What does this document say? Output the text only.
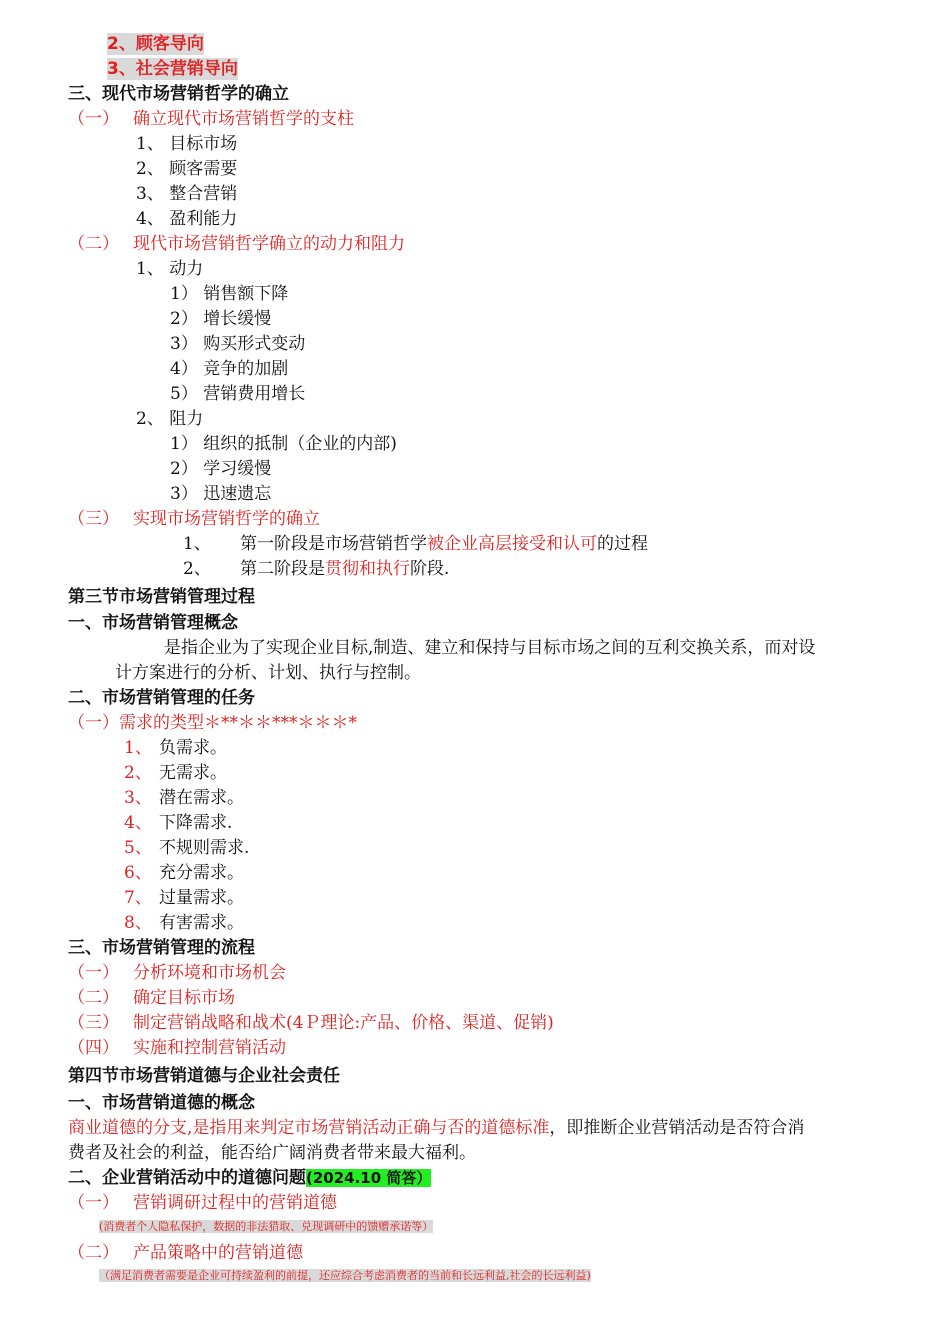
2、顾客导向
3、社会营销导向
三、现代市场营销哲学的确立
（一） 确立现代市场营销哲学的支柱
1、 目标市场
2、 顾客需要
3、 整合营销
4、 盈利能力
（二） 现代市场营销哲学确立的动力和阻力
1、 动力
1） 销售额下降
2） 增长缓慢
3） 购买形式变动
4） 竞争的加剧
5） 营销费用增长
2、 阻力
1） 组织的抵制（企业的内部)
2） 学习缓慢
3） 迅速遗忘
（三） 实现市场营销哲学的确立
1、 第一阶段是市场营销哲学被企业高层接受和认可的过程
2、 第二阶段是贯彻和执行阶段.
第三节市场营销管理过程
一、市场营销管理概念
是指企业为了实现企业目标,制造、建立和保持与目标市场之间的互利交换关系，而对设
计方案进行的分析、计划、执行与控制。
二、市场营销管理的任务
（一）需求的类型＊**＊＊***＊＊＊*
1、 负需求。
2、 无需求。
3、 潜在需求。
4、 下降需求.
5、 不规则需求.
6、 充分需求。
7、 过量需求。
8、 有害需求。
三、市场营销管理的流程
（一） 分析环境和市场机会
（二） 确定目标市场
（三） 制定营销战略和战术(4Ｐ理论:产品、价格、渠道、促销)
（四） 实施和控制营销活动
第四节市场营销道德与企业社会责任
一、市场营销道德的概念
商业道德的分支,是指用来判定市场营销活动正确与否的道德标准，即推断企业营销活动是否符合消
费者及社会的利益，能否给广阔消费者带来最大福利。
二、企业营销活动中的道德问题(2024.10 简答）
（一） 营销调研过程中的营销道德
(消费者个人隐私保护，数据的非法猎取、兑现调研中的馈赠承诺等）
（二） 产品策略中的营销道德
（满足消费者需要是企业可持续盈利的前提，还应综合考虑消费者的当前和长远利益,社会的长远利益)
